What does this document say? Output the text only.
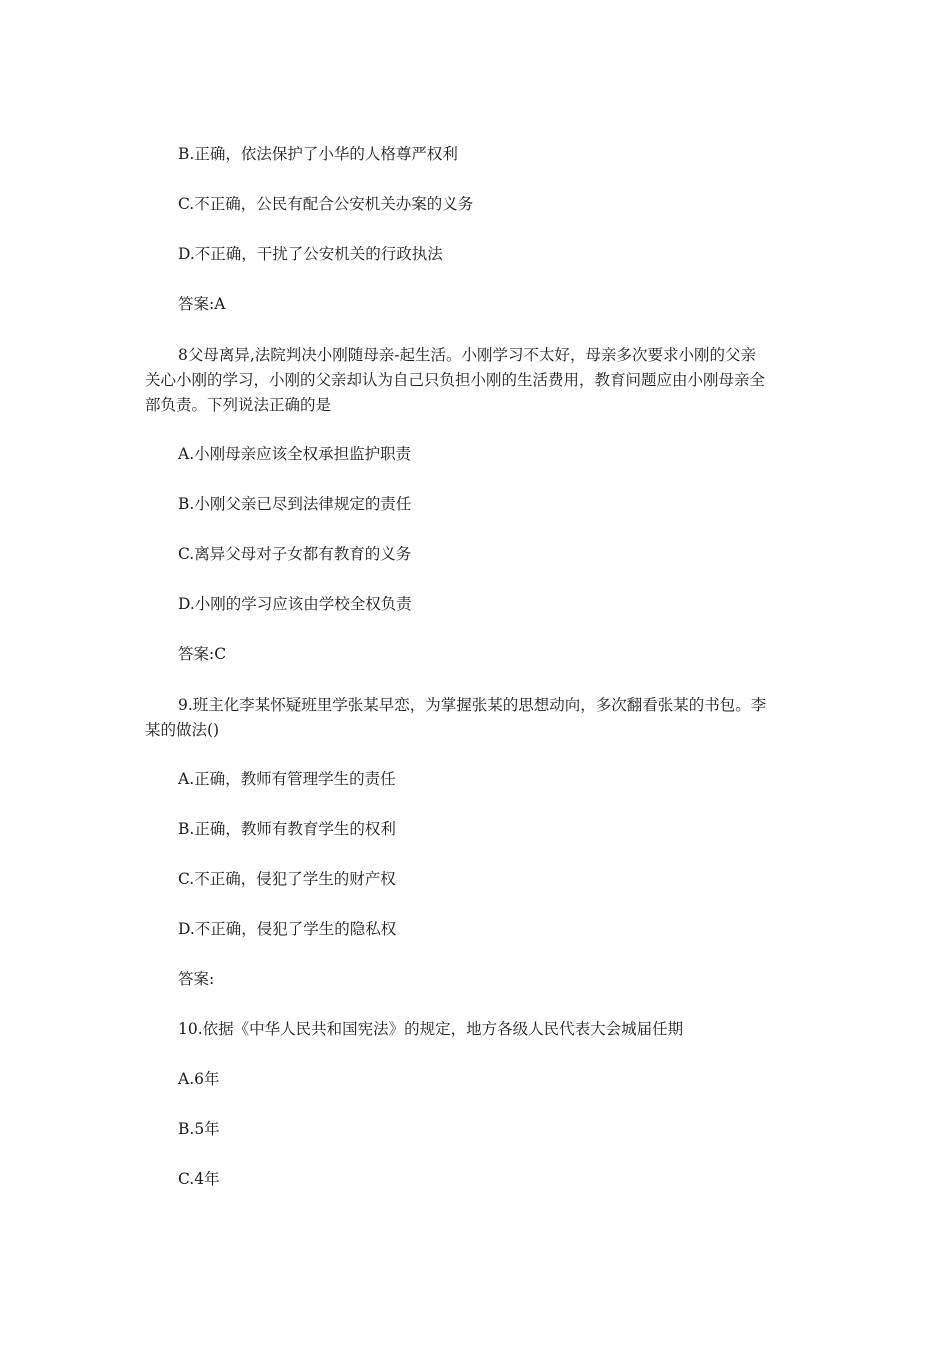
B.正确，依法保护了小华的人格尊严权利
C.不正确，公民有配合公安机关办案的义务
D.不正确，干扰了公安机关的行政执法
答案:A
8父母离异,法院判决小刚随母亲-起生活。小刚学习不太好，母亲多次要求小刚的父亲
关心小刚的学习，小刚的父亲却认为自己只负担小刚的生活费用，教育问题应由小刚母亲全
部负责。下列说法正确的是
A.小刚母亲应该全权承担监护职责
B.小刚父亲已尽到法律规定的责任
C.离异父母对子女都有教育的义务
D.小刚的学习应该由学校全权负责
答案:C
9.班主化李某怀疑班里学张某早恋，为掌握张某的思想动向，多次翻看张某的书包。李
某的做法()
A.正确，教师有管理学生的责任
B.正确，教师有教育学生的权利
C.不正确，侵犯了学生的财产权
D.不正确，侵犯了学生的隐私权
答案:
10.依据《中华人民共和国宪法》的规定，地方各级人民代表大会城届任期
A.6年
B.5年
C.4年
